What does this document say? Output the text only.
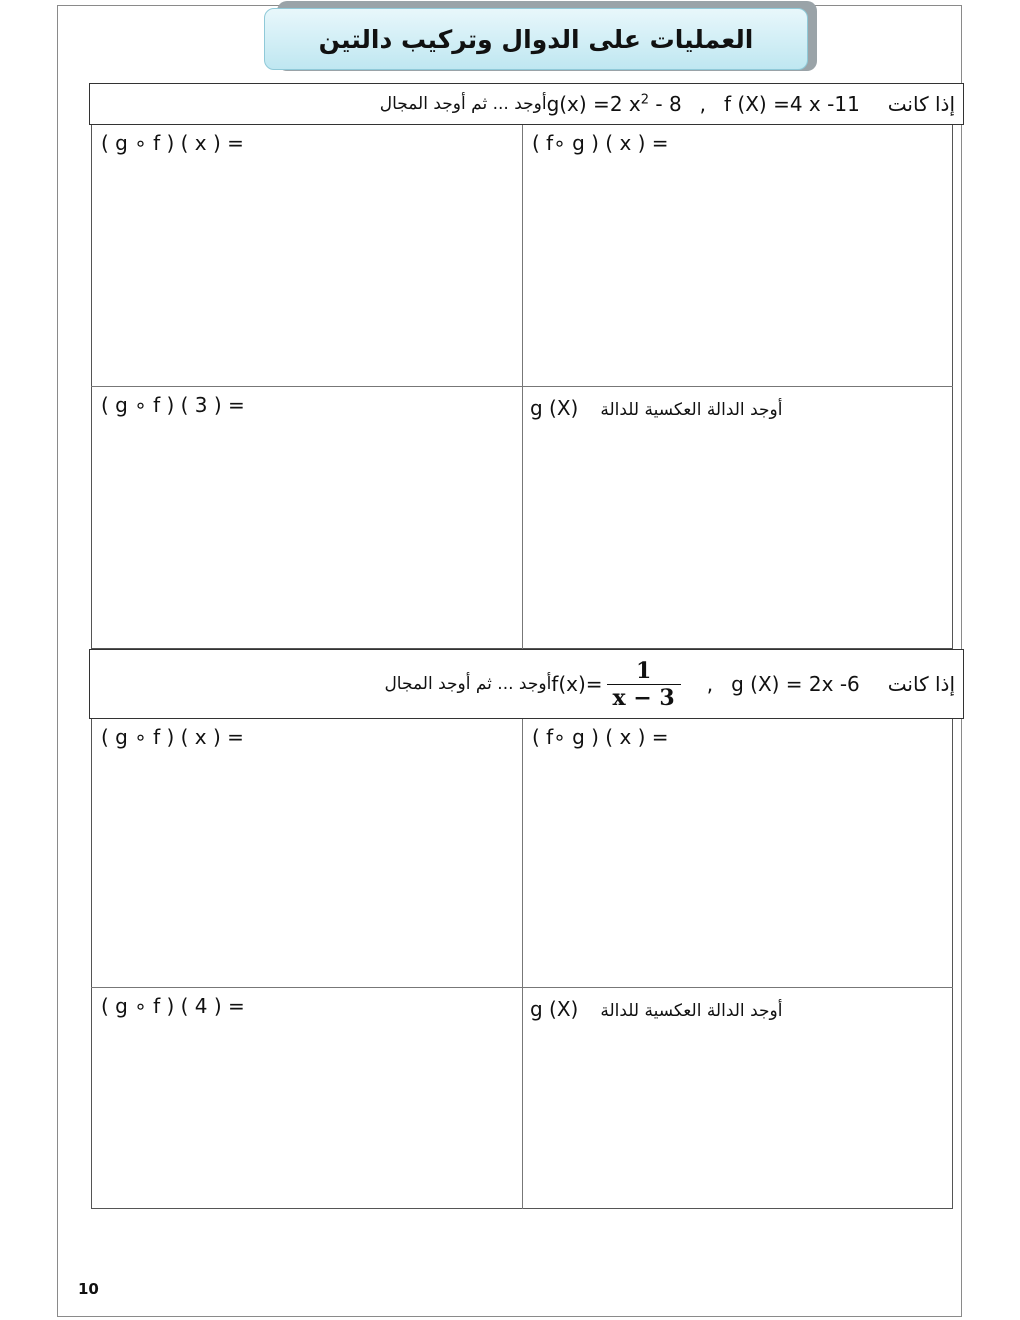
العمليات على الدوال وتركيب دالتين
إذا كانت
f (X) =4 x -11
,
g(x) =2 $x^2 - 8$
أوجد ... ثم أوجد المجال
( g ∘ f ) ( x ) =	( f∘ g ) ( x ) =
( g ∘ f ) ( 3 ) =	g (X) أوجد الدالة العكسية للدالة
إذا كانت
g (X) = 2x -6
,
$\frac{1}{x - 3}$
f(x)=
أوجد ... ثم أوجد المجال
( g ∘ f ) ( x ) =	( f∘ g ) ( x ) =
( g ∘ f ) ( 4 ) =	g (X) أوجد الدالة العكسية للدالة
10
